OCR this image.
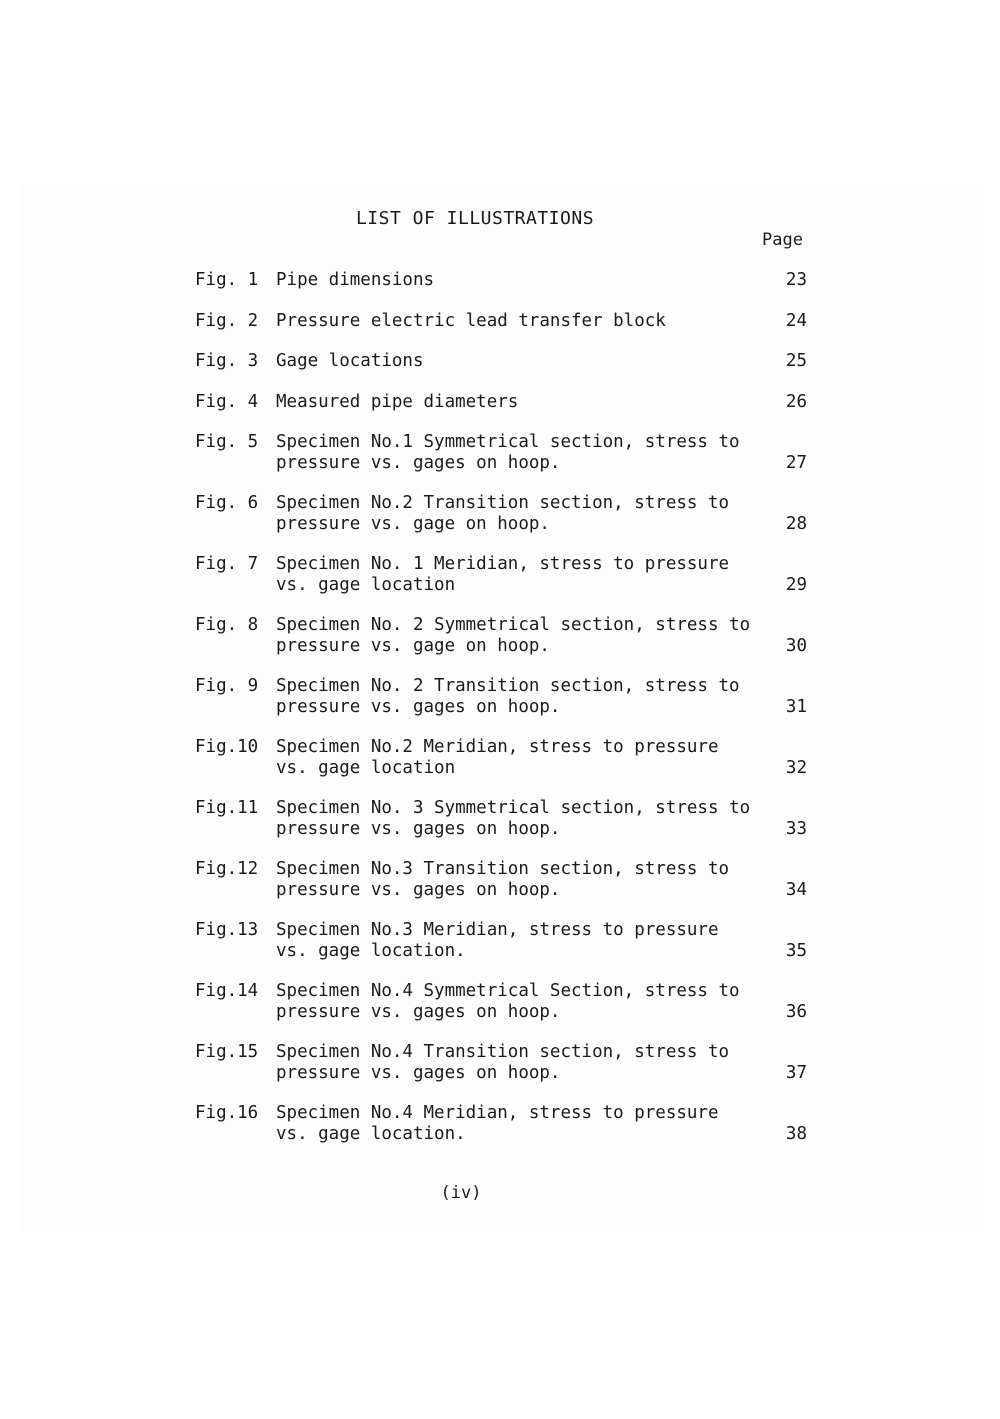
LIST OF ILLUSTRATIONS
Page
Fig. 1 Pipe dimensions	23
Fig. 2 Pressure electric lead transfer block	24
Fig. 3 Gage locations	25
Fig. 4 Measured pipe diameters	26
Fig. 5 Specimen No.1 Symmetrical section, stress to
pressure vs. gages on hoop.	27
Fig. 6 Specimen No.2 Transition section, stress to
pressure vs. gage on hoop.	28
Fig. 7 Specimen No. 1 Meridian, stress to pressure
vs. gage location	29
Fig. 8 Specimen No. 2 Symmetrical section, stress to
pressure vs. gage on hoop.	30
Fig. 9 Specimen No. 2 Transition section, stress to
pressure vs. gages on hoop.	31
Fig.10 Specimen No.2 Meridian, stress to pressure
vs. gage location	32
Fig.11 Specimen No. 3 Symmetrical section, stress to
pressure vs. gages on hoop.	33
Fig.12 Specimen No.3 Transition section, stress to
pressure vs. gages on hoop.	34
Fig.13 Specimen No.3 Meridian, stress to pressure
vs. gage location.	35
Fig.14 Specimen No.4 Symmetrical Section, stress to
pressure vs. gages on hoop.	36
Fig.15 Specimen No.4 Transition section, stress to
pressure vs. gages on hoop.	37
Fig.16 Specimen No.4 Meridian, stress to pressure
vs. gage location.	38
(iv)
